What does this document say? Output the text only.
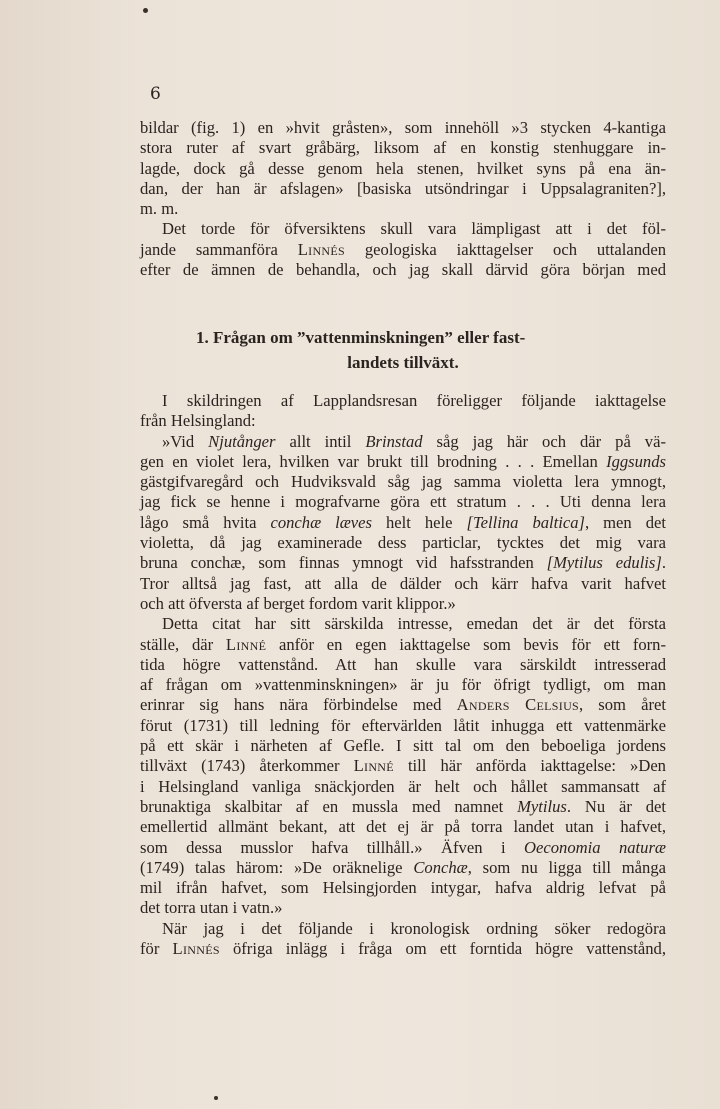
6
bildar (fig. 1) en »hvit gråsten», som innehöll »3 stycken 4-kantiga
stora ruter af svart gråbärg, liksom af en konstig stenhuggare in-
lagde, dock gå desse genom hela stenen, hvilket syns på ena än-
dan, der han är afslagen» [basiska utsöndringar i Uppsalagraniten?],
m. m.
Det torde för öfversiktens skull vara lämpligast att i det föl-
jande sammanföra Linnés geologiska iakttagelser och uttalanden
efter de ämnen de behandla, och jag skall därvid göra början med
1. Frågan om ”vattenminskningen” eller fast-
landets tillväxt.
I skildringen af Lapplandsresan föreligger följande iakttagelse
från Helsingland:
»Vid Njutånger allt intil Brinstad såg jag här och där på vä-
gen en violet lera, hvilken var brukt till brodning . . . Emellan Iggsunds
gästgifvaregård och Hudviksvald såg jag samma violetta lera ymnogt,
jag fick se henne i mografvarne göra ett stratum . . . Uti denna lera
lågo små hvita conchæ læves helt hele [Tellina baltica], men det
violetta, då jag examinerade dess particlar, tycktes det mig vara
bruna conchæ, som finnas ymnogt vid hafsstranden [Mytilus edulis].
Tror alltså jag fast, att alla de dälder och kärr hafva varit hafvet
och att öfversta af berget fordom varit klippor.»
Detta citat har sitt särskilda intresse, emedan det är det första
ställe, där Linné anför en egen iakttagelse som bevis för ett forn-
tida högre vattenstånd. Att han skulle vara särskildt intresserad
af frågan om »vattenminskningen» är ju för öfrigt tydligt, om man
erinrar sig hans nära förbindelse med Anders Celsius, som året
förut (1731) till ledning för eftervärlden låtit inhugga ett vattenmärke
på ett skär i närheten af Gefle. I sitt tal om den beboeliga jordens
tillväxt (1743) återkommer Linné till här anförda iakttagelse: »Den
i Helsingland vanliga snäckjorden är helt och hållet sammansatt af
brunaktiga skalbitar af en mussla med namnet Mytilus. Nu är det
emellertid allmänt bekant, att det ej är på torra landet utan i hafvet,
som dessa musslor hafva tillhåll.» Äfven i Oeconomia naturæ
(1749) talas härom: »De oräknelige Conchæ, som nu ligga till många
mil ifrån hafvet, som Helsingjorden intygar, hafva aldrig lefvat på
det torra utan i vatn.»
När jag i det följande i kronologisk ordning söker redogöra
för Linnés öfriga inlägg i fråga om ett forntida högre vattenstånd,
